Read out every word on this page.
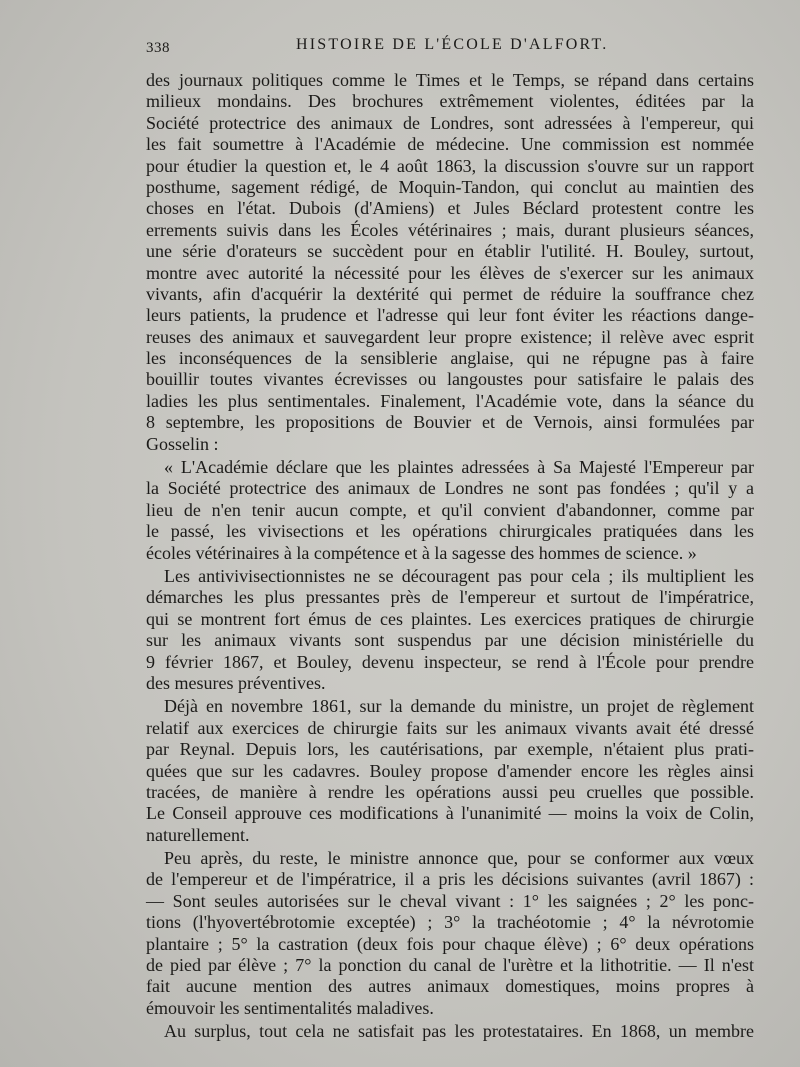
338	HISTOIRE DE L'ÉCOLE D'ALFORT.
des journaux politiques comme le Times et le Temps, se répand dans certains
milieux mondains. Des brochures extrêmement violentes, éditées par la
Société protectrice des animaux de Londres, sont adressées à l'empereur, qui
les fait soumettre à l'Académie de médecine. Une commission est nommée
pour étudier la question et, le 4 août 1863, la discussion s'ouvre sur un rapport
posthume, sagement rédigé, de Moquin-Tandon, qui conclut au maintien des
choses en l'état. Dubois (d'Amiens) et Jules Béclard protestent contre les
errements suivis dans les Écoles vétérinaires ; mais, durant plusieurs séances,
une série d'orateurs se succèdent pour en établir l'utilité. H. Bouley, surtout,
montre avec autorité la nécessité pour les élèves de s'exercer sur les animaux
vivants, afin d'acquérir la dextérité qui permet de réduire la souffrance chez
leurs patients, la prudence et l'adresse qui leur font éviter les réactions dange-
reuses des animaux et sauvegardent leur propre existence; il relève avec esprit
les inconséquences de la sensiblerie anglaise, qui ne répugne pas à faire
bouillir toutes vivantes écrevisses ou langoustes pour satisfaire le palais des
ladies les plus sentimentales. Finalement, l'Académie vote, dans la séance du
8 septembre, les propositions de Bouvier et de Vernois, ainsi formulées par
Gosselin :
« L'Académie déclare que les plaintes adressées à Sa Majesté l'Empereur par
la Société protectrice des animaux de Londres ne sont pas fondées ; qu'il y a
lieu de n'en tenir aucun compte, et qu'il convient d'abandonner, comme par
le passé, les vivisections et les opérations chirurgicales pratiquées dans les
écoles vétérinaires à la compétence et à la sagesse des hommes de science. »
Les antivivisectionnistes ne se découragent pas pour cela ; ils multiplient les
démarches les plus pressantes près de l'empereur et surtout de l'impératrice,
qui se montrent fort émus de ces plaintes. Les exercices pratiques de chirurgie
sur les animaux vivants sont suspendus par une décision ministérielle du
9 février 1867, et Bouley, devenu inspecteur, se rend à l'École pour prendre
des mesures préventives.
Déjà en novembre 1861, sur la demande du ministre, un projet de règlement
relatif aux exercices de chirurgie faits sur les animaux vivants avait été dressé
par Reynal. Depuis lors, les cautérisations, par exemple, n'étaient plus prati-
quées que sur les cadavres. Bouley propose d'amender encore les règles ainsi
tracées, de manière à rendre les opérations aussi peu cruelles que possible.
Le Conseil approuve ces modifications à l'unanimité — moins la voix de Colin,
naturellement.
Peu après, du reste, le ministre annonce que, pour se conformer aux vœux
de l'empereur et de l'impératrice, il a pris les décisions suivantes (avril 1867) :
— Sont seules autorisées sur le cheval vivant : 1° les saignées ; 2° les ponc-
tions (l'hyovertébrotomie exceptée) ; 3° la trachéotomie ; 4° la névrotomie
plantaire ; 5° la castration (deux fois pour chaque élève) ; 6° deux opérations
de pied par élève ; 7° la ponction du canal de l'urètre et la lithotritie. — Il n'est
fait aucune mention des autres animaux domestiques, moins propres à
émouvoir les sentimentalités maladives.
Au surplus, tout cela ne satisfait pas les protestataires. En 1868, un membre
